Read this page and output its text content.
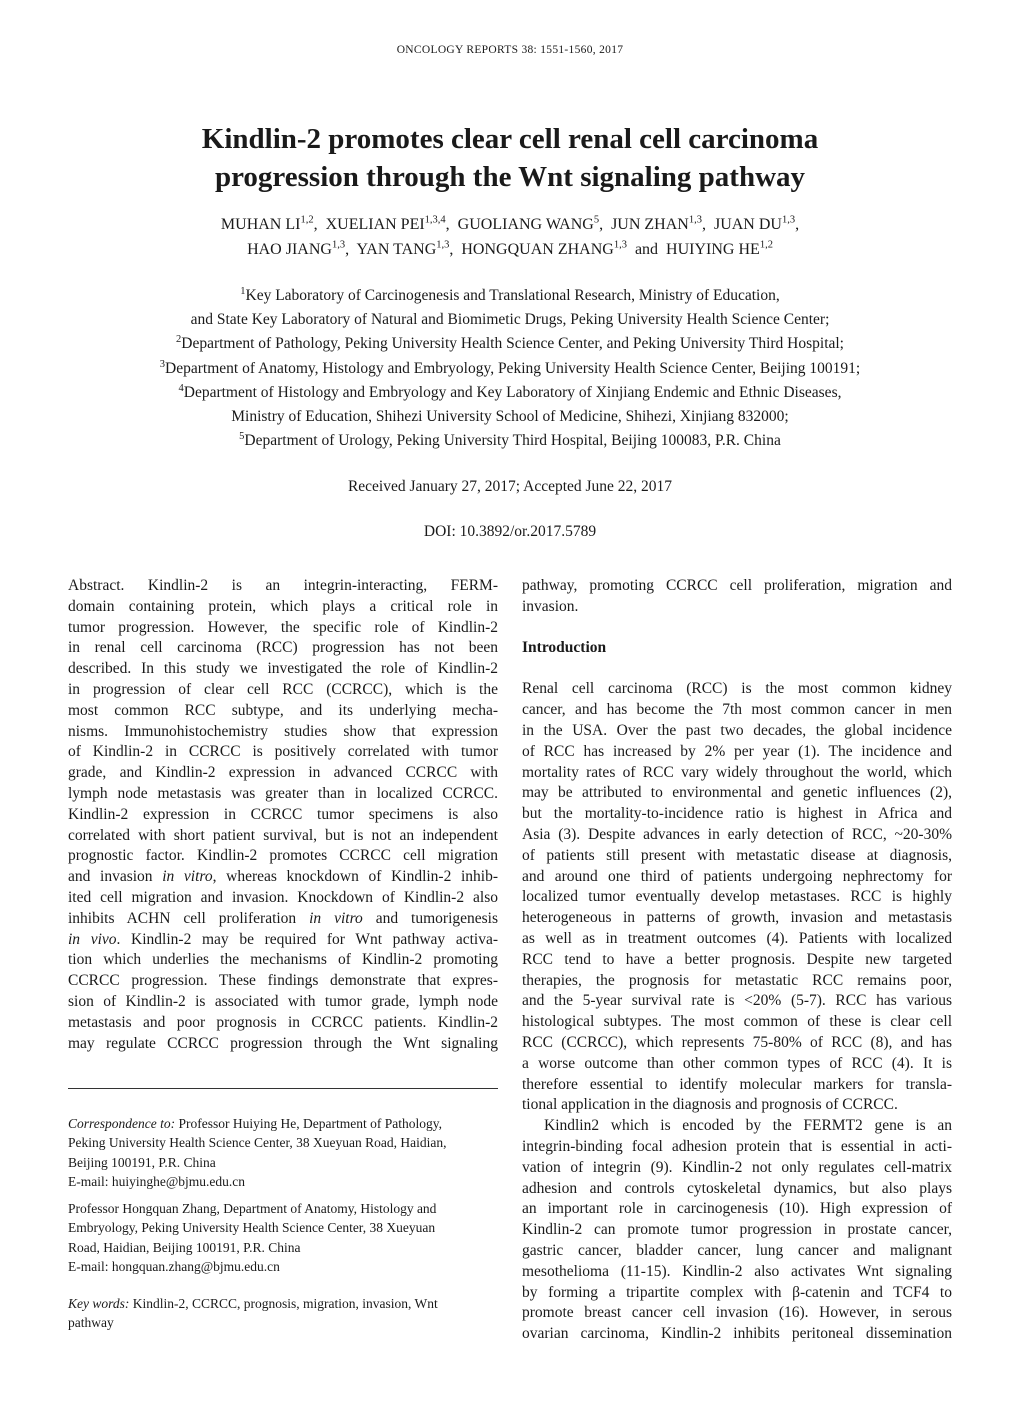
ONCOLOGY REPORTS 38: 1551-1560, 2017
Kindlin-2 promotes clear cell renal cell carcinoma
progression through the Wnt signaling pathway
MUHAN LI$^{1,2}$,  XUELIAN PEI$^{1,3,4}$,  GUOLIANG WANG$^5$,  JUN ZHAN$^{1,3}$,  JUAN DU$^{1,3}$,
HAO JIANG$^{1,3}$,  YAN TANG$^{1,3}$,  HONGQUAN ZHANG$^{1,3}$  and  HUIYING HE$^{1,2}$
$^1$Key Laboratory of Carcinogenesis and Translational Research, Ministry of Education,
and State Key Laboratory of Natural and Biomimetic Drugs, Peking University Health Science Center;
$^2$Department of Pathology, Peking University Health Science Center, and Peking University Third Hospital;
$^3$Department of Anatomy, Histology and Embryology, Peking University Health Science Center, Beijing 100191;
$^4$Department of Histology and Embryology and Key Laboratory of Xinjiang Endemic and Ethnic Diseases,
Ministry of Education, Shihezi University School of Medicine, Shihezi, Xinjiang 832000;
$^5$Department of Urology, Peking University Third Hospital, Beijing 100083, P.R. China
Received January 27, 2017; Accepted June 22, 2017
DOI: 10.3892/or.2017.5789
Abstract. Kindlin-2 is an integrin-interacting, FERM-
domain containing protein, which plays a critical role in
tumor progression. However, the specific role of Kindlin-2
in renal cell carcinoma (RCC) progression has not been
described. In this study we investigated the role of Kindlin-2
in progression of clear cell RCC (CCRCC), which is the
most common RCC subtype, and its underlying mecha-
nisms. Immunohistochemistry studies show that expression
of Kindlin-2 in CCRCC is positively correlated with tumor
grade, and Kindlin-2 expression in advanced CCRCC with
lymph node metastasis was greater than in localized CCRCC.
Kindlin-2 expression in CCRCC tumor specimens is also
correlated with short patient survival, but is not an independent
prognostic factor. Kindlin-2 promotes CCRCC cell migration
and invasion in vitro, whereas knockdown of Kindlin-2 inhib-
ited cell migration and invasion. Knockdown of Kindlin-2 also
inhibits ACHN cell proliferation in vitro and tumorigenesis
in vivo. Kindlin-2 may be required for Wnt pathway activa-
tion which underlies the mechanisms of Kindlin-2 promoting
CCRCC progression. These findings demonstrate that expres-
sion of Kindlin-2 is associated with tumor grade, lymph node
metastasis and poor prognosis in CCRCC patients. Kindlin-2
may regulate CCRCC progression through the Wnt signaling
Correspondence to: Professor Huiying He, Department of Pathology,
Peking University Health Science Center, 38 Xueyuan Road, Haidian,
Beijing 100191, P.R. China
E-mail: huiyinghe@bjmu.edu.cn
Professor Hongquan Zhang, Department of Anatomy, Histology and
Embryology, Peking University Health Science Center, 38 Xueyuan
Road, Haidian, Beijing 100191, P.R. China
E-mail: hongquan.zhang@bjmu.edu.cn
Key words: Kindlin-2, CCRCC, prognosis, migration, invasion, Wnt
pathway
pathway, promoting CCRCC cell proliferation, migration and
invasion.
Introduction
Renal cell carcinoma (RCC) is the most common kidney
cancer, and has become the 7th most common cancer in men
in the USA. Over the past two decades, the global incidence
of RCC has increased by 2% per year (1). The incidence and
mortality rates of RCC vary widely throughout the world, which
may be attributed to environmental and genetic influences (2),
but the mortality-to-incidence ratio is highest in Africa and
Asia (3). Despite advances in early detection of RCC, ~20-30%
of patients still present with metastatic disease at diagnosis,
and around one third of patients undergoing nephrectomy for
localized tumor eventually develop metastases. RCC is highly
heterogeneous in patterns of growth, invasion and metastasis
as well as in treatment outcomes (4). Patients with localized
RCC tend to have a better prognosis. Despite new targeted
therapies, the prognosis for metastatic RCC remains poor,
and the 5-year survival rate is <20% (5-7). RCC has various
histological subtypes. The most common of these is clear cell
RCC (CCRCC), which represents 75-80% of RCC (8), and has
a worse outcome than other common types of RCC (4). It is
therefore essential to identify molecular markers for transla-
tional application in the diagnosis and prognosis of CCRCC.
Kindlin2 which is encoded by the FERMT2 gene is an
integrin-binding focal adhesion protein that is essential in acti-
vation of integrin (9). Kindlin-2 not only regulates cell-matrix
adhesion and controls cytoskeletal dynamics, but also plays
an important role in carcinogenesis (10). High expression of
Kindlin-2 can promote tumor progression in prostate cancer,
gastric cancer, bladder cancer, lung cancer and malignant
mesothelioma (11-15). Kindlin-2 also activates Wnt signaling
by forming a tripartite complex with β-catenin and TCF4 to
promote breast cancer cell invasion (16). However, in serous
ovarian carcinoma, Kindlin-2 inhibits peritoneal dissemination
